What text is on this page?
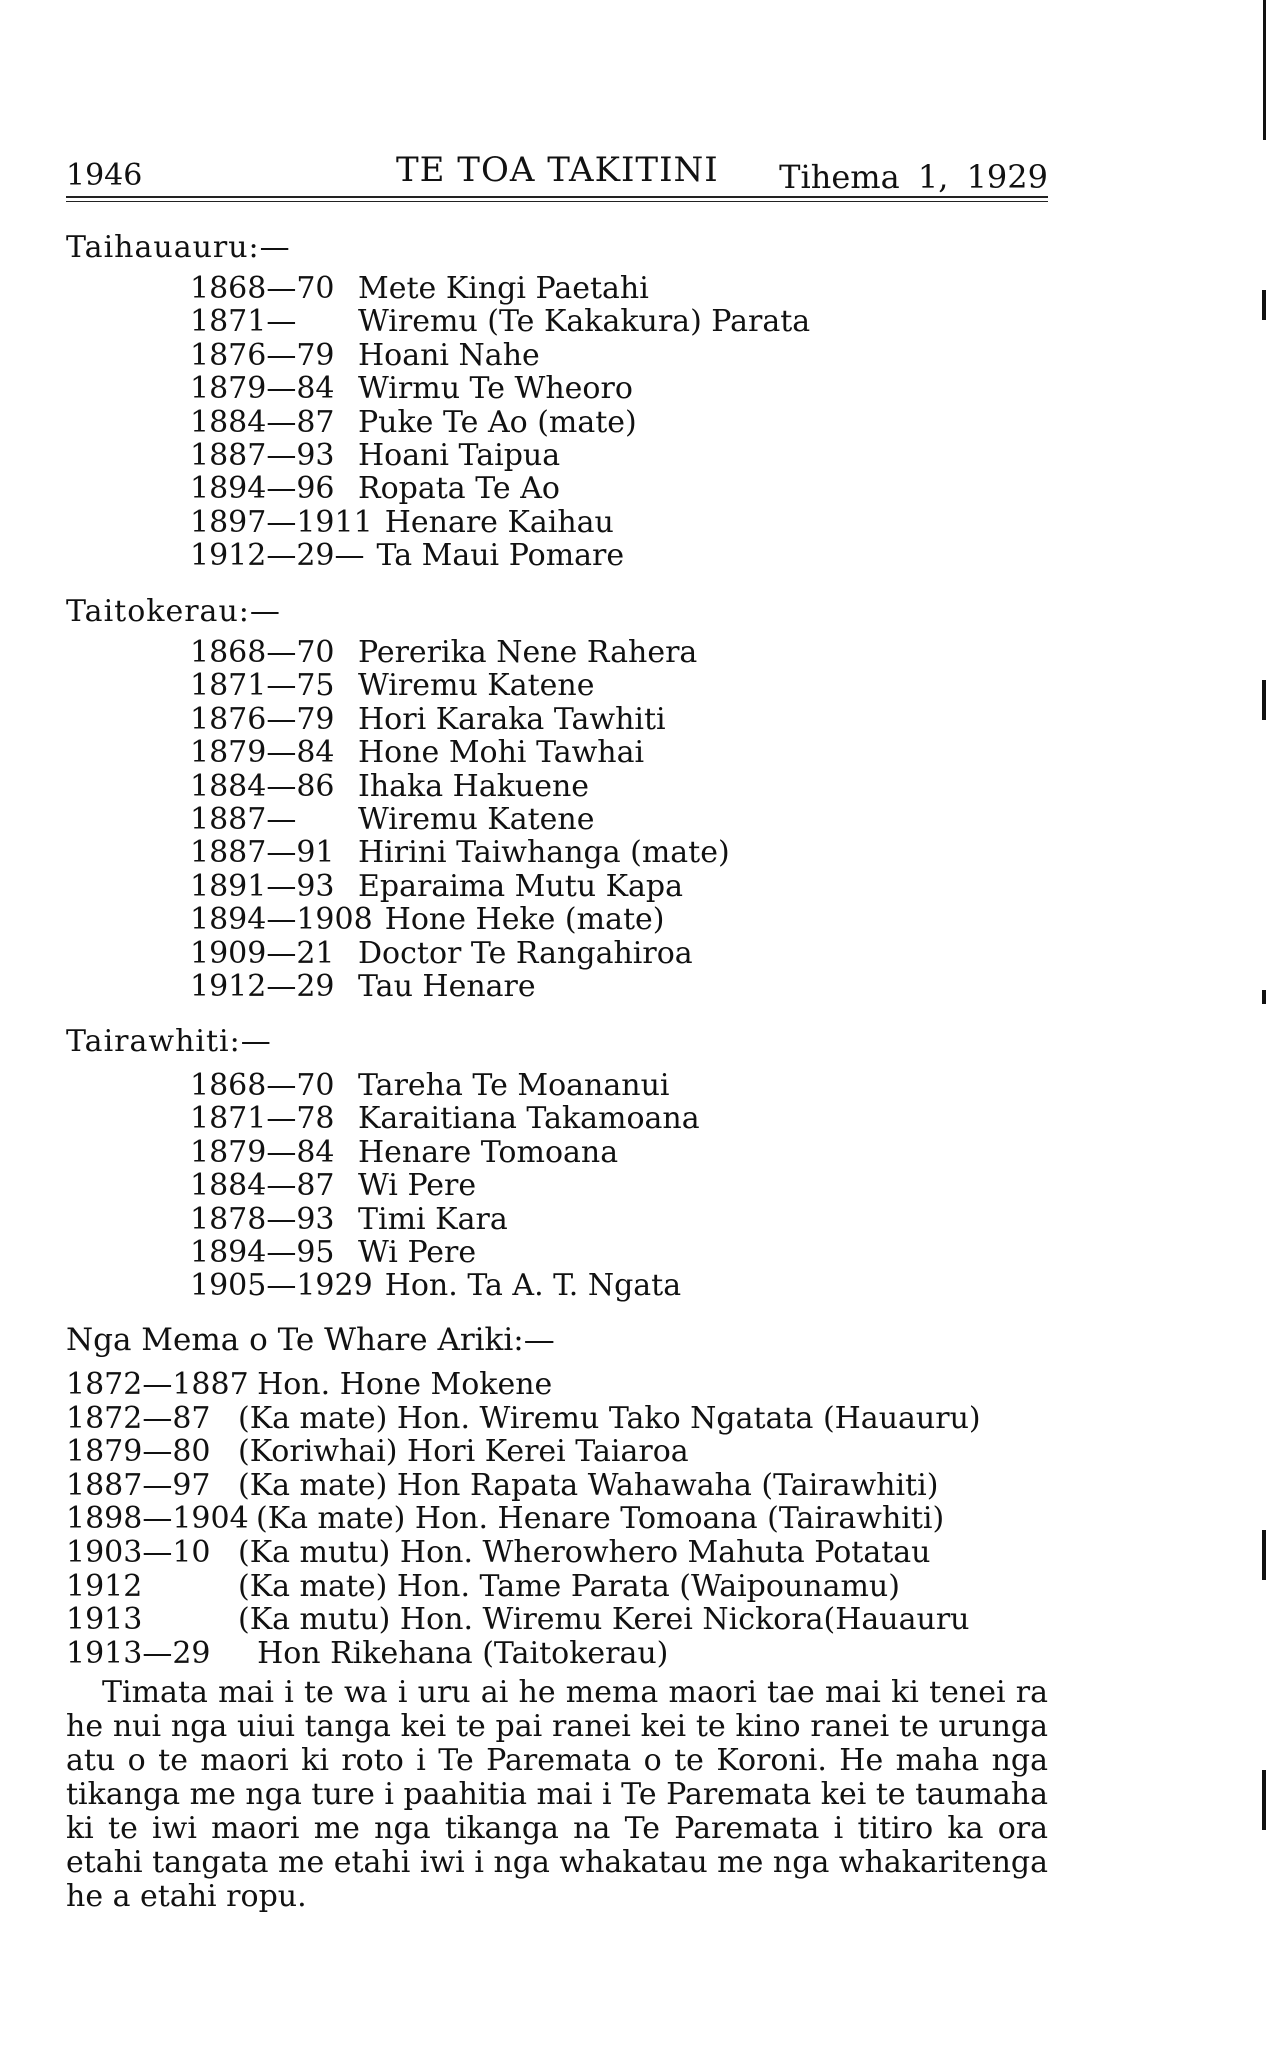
1946	TE TOA TAKITINI Tihema 1, 1929
Taihauauru:—
1868—70 Mete Kingi Paetahi
1871— Wiremu (Te Kakakura) Parata
1876—79 Hoani Nahe
1879—84 Wirmu Te Wheoro
1884—87 Puke Te Ao (mate)
1887—93 Hoani Taipua
1894—96 Ropata Te Ao
1897—1911 Henare Kaihau
1912—29— Ta Maui Pomare
Taitokerau:—
1868—70 Pererika Nene Rahera
1871—75 Wiremu Katene
1876—79 Hori Karaka Tawhiti
1879—84 Hone Mohi Tawhai
1884—86 Ihaka Hakuene
1887— Wiremu Katene
1887—91 Hirini Taiwhanga (mate)
1891—93 Eparaima Mutu Kapa
1894—1908 Hone Heke (mate)
1909—21 Doctor Te Rangahiroa
1912—29 Tau Henare
Tairawhiti:—
1868—70 Tareha Te Moananui
1871—78 Karaitiana Takamoana
1879—84 Henare Tomoana
1884—87 Wi Pere
1878—93 Timi Kara
1894—95 Wi Pere
1905—1929 Hon. Ta A. T. Ngata
Nga Mema o Te Whare Ariki:—
1872—1887  Hon. Hone Mokene
1872—87 (Ka mate) Hon. Wiremu Tako Ngatata (Hauauru)
1879—80 (Koriwhai) Hori Kerei Taiaroa
1887—97 (Ka mate) Hon Rapata Wahawaha (Tairawhiti)
1898—1904 (Ka mate) Hon. Henare Tomoana (Tairawhiti)
1903—10 (Ka mutu) Hon. Wherowhero Mahuta Potatau
1912	(Ka mate) Hon. Tame Parata (Waipounamu)
1913	(Ka mutu) Hon. Wiremu Kerei Nickora(Hauauru
1913—29  Hon Rikehana (Taitokerau)

Timata mai i te wa i uru ai he mema maori tae mai ki tenei ra he nui nga uiui tanga kei te pai ranei kei te kino ranei te urunga atu o te maori ki roto i Te Paremata o te Koroni. He maha nga tikanga me nga ture i paahitia mai i Te Paremata kei te taumaha ki te iwi maori me nga tikanga na Te Paremata i titiro ka ora etahi tangata me etahi iwi i nga whakatau me nga whakaritenga he a etahi ropu.
